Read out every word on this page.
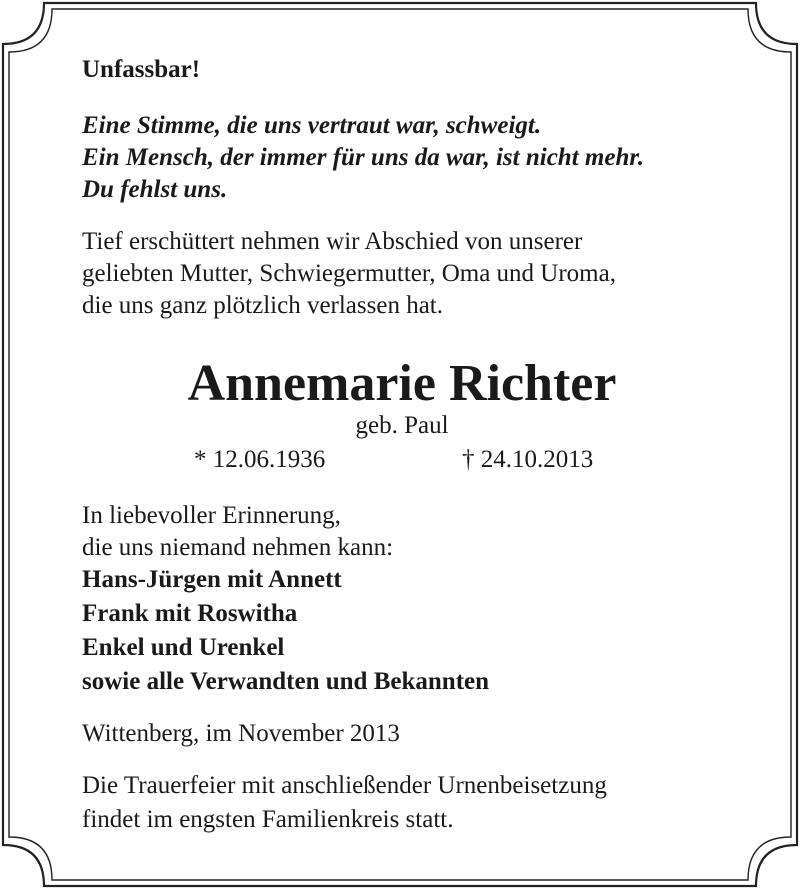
Unfassbar!
Eine Stimme, die uns vertraut war, schweigt.
Ein Mensch, der immer für uns da war, ist nicht mehr.
Du fehlst uns.
Tief erschüttert nehmen wir Abschied von unserer
geliebten Mutter, Schwiegermutter, Oma und Uroma,
die uns ganz plötzlich verlassen hat.
Annemarie Richter
geb. Paul
* 12.06.1936	† 24.10.2013
In liebevoller Erinnerung,
die uns niemand nehmen kann:
Hans-Jürgen mit Annett
Frank mit Roswitha
Enkel und Urenkel
sowie alle Verwandten und Bekannten
Wittenberg, im November 2013
Die Trauerfeier mit anschließender Urnenbeisetzung
findet im engsten Familienkreis statt.
